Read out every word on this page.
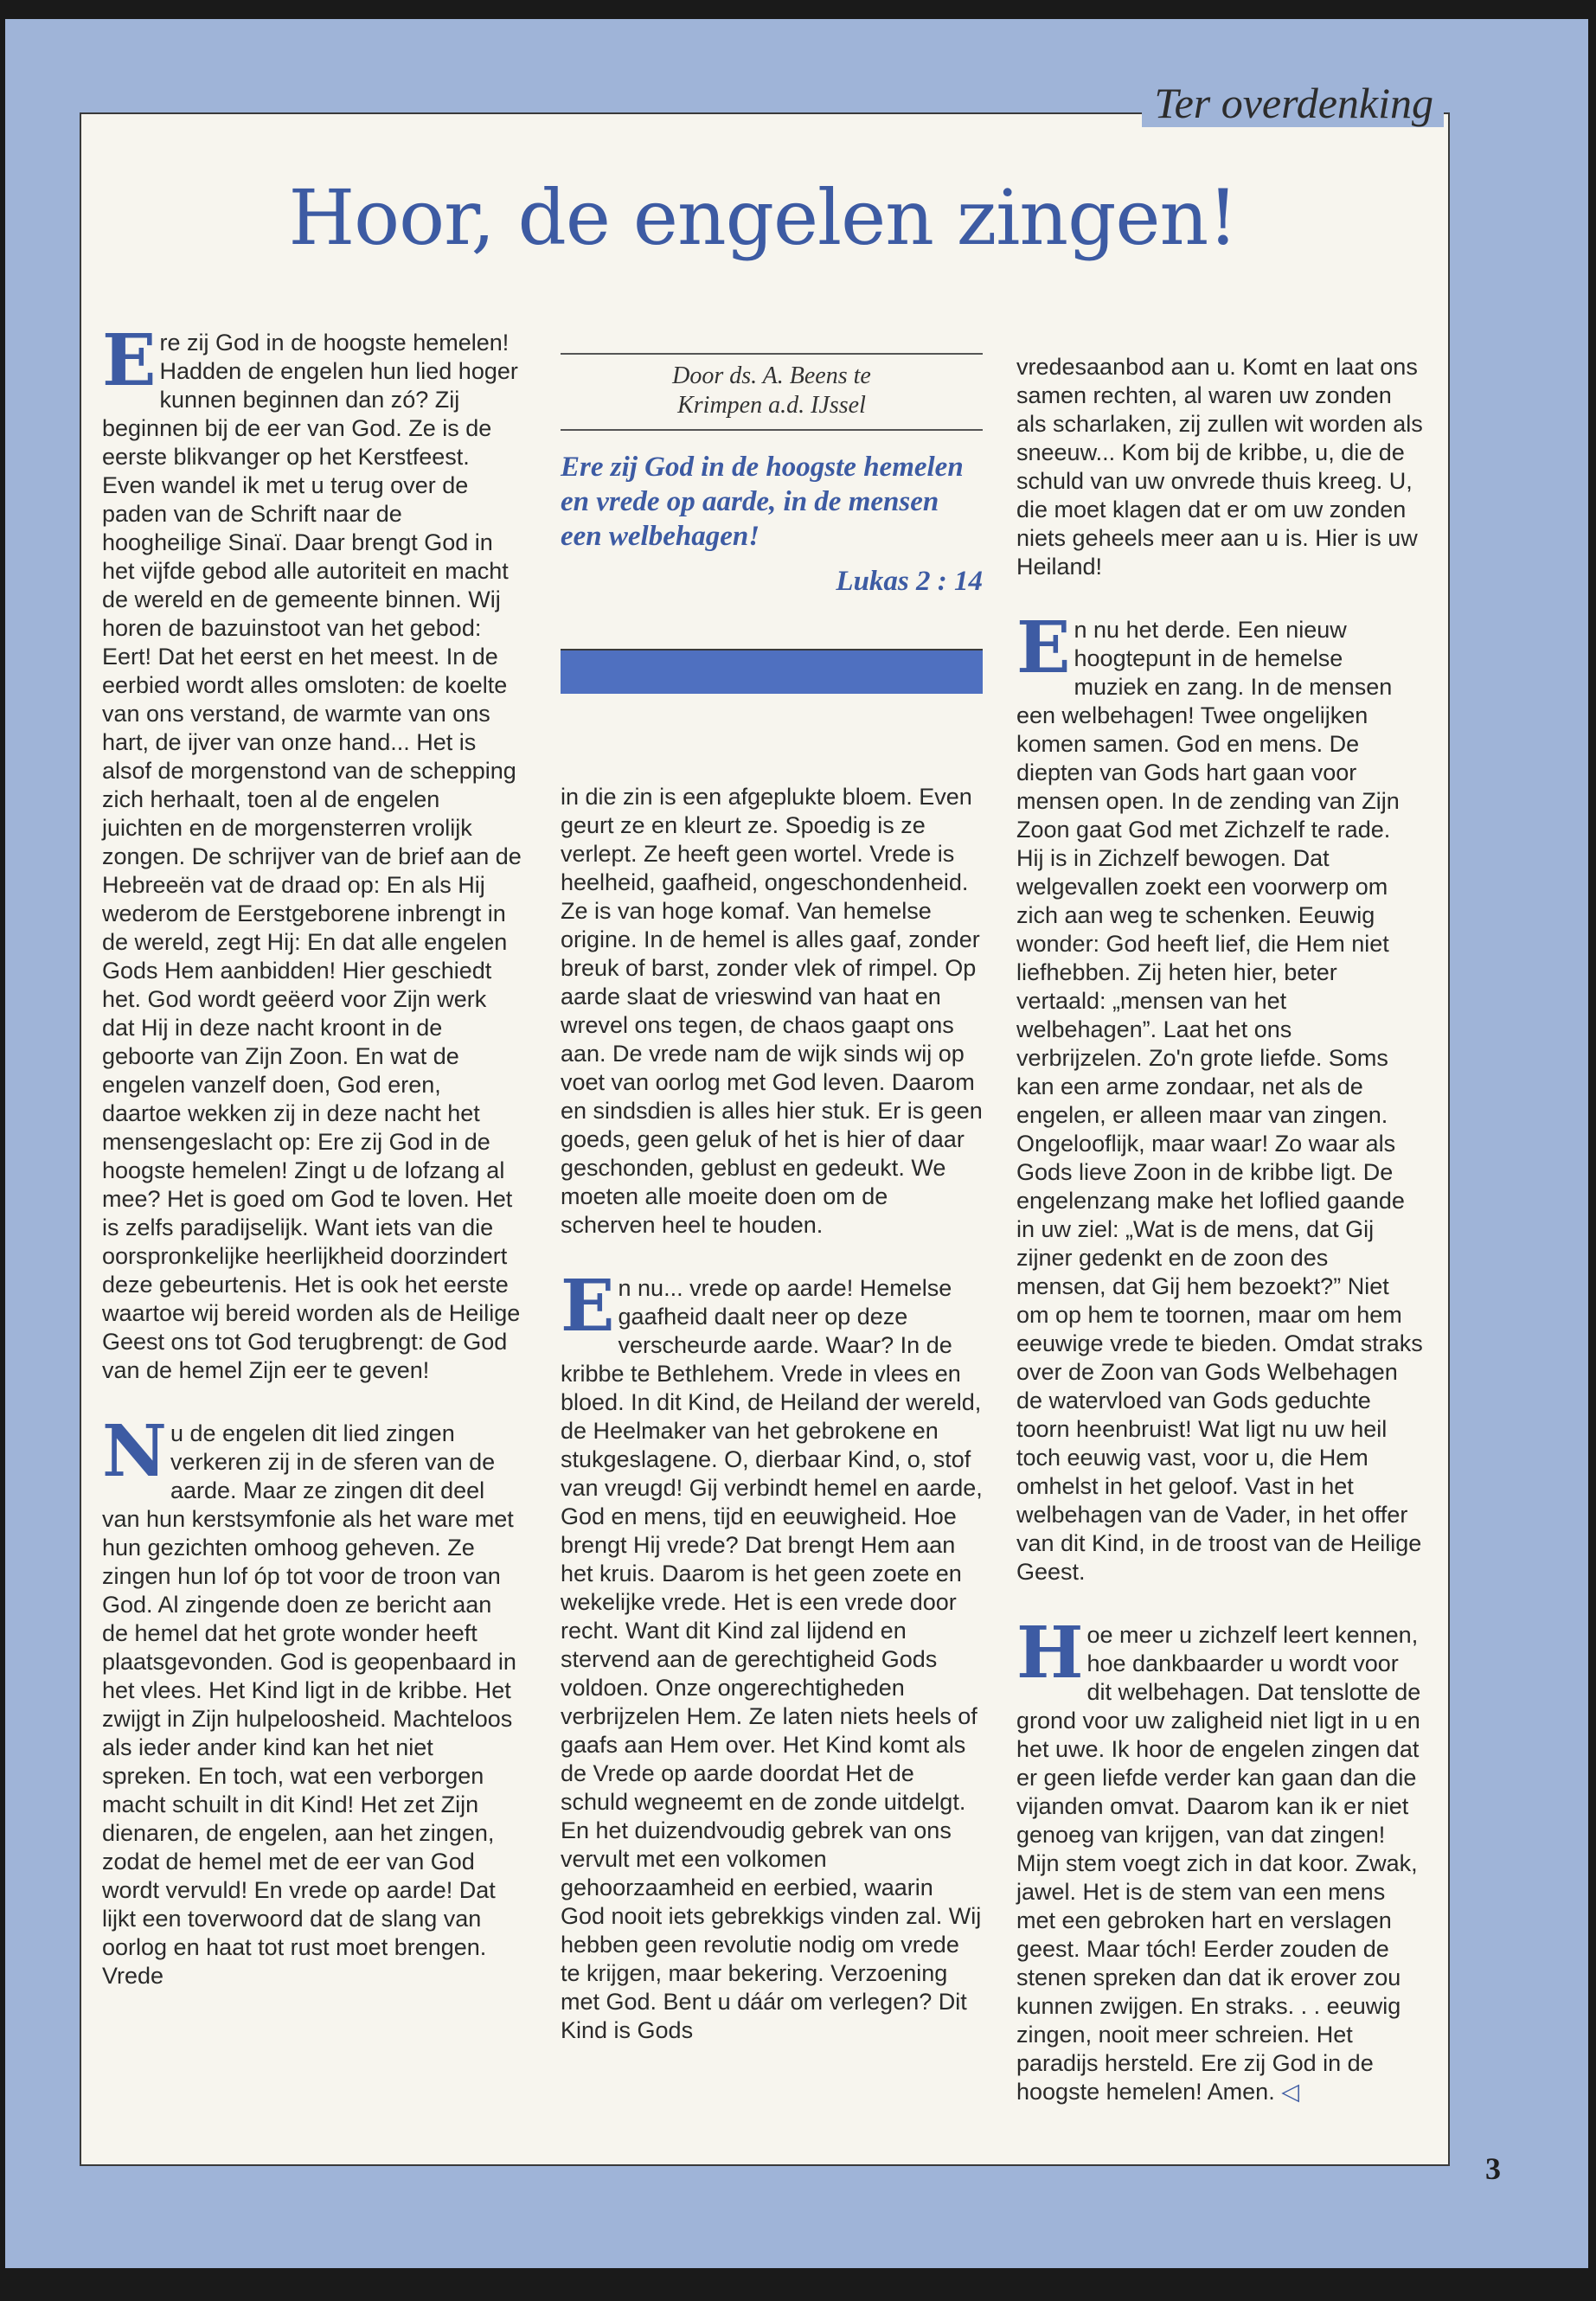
Ter overdenking
Hoor, de engelen zingen!

Ere zij God in de hoogste hemelen! Hadden de engelen hun lied hoger kunnen beginnen dan zó? Zij beginnen bij de eer van God. Ze is de eerste blikvanger op het Kerstfeest. Even wandel ik met u terug over de paden van de Schrift naar de hoogheilige Sinaï. Daar brengt God in het vijfde gebod alle autoriteit en macht de wereld en de gemeente binnen. Wij horen de bazuinstoot van het gebod: Eert! Dat het eerst en het meest. In de eerbied wordt alles omsloten: de koelte van ons verstand, de warmte van ons hart, de ijver van onze hand... Het is alsof de morgenstond van de schepping zich herhaalt, toen al de engelen juichten en de morgensterren vrolijk zongen. De schrijver van de brief aan de Hebreeën vat de draad op: En als Hij wederom de Eerstgeborene inbrengt in de wereld, zegt Hij: En dat alle engelen Gods Hem aanbidden! Hier geschiedt het. God wordt geëerd voor Zijn werk dat Hij in deze nacht kroont in de geboorte van Zijn Zoon. En wat de engelen vanzelf doen, God eren, daartoe wekken zij in deze nacht het mensengeslacht op: Ere zij God in de hoogste hemelen! Zingt u de lofzang al mee? Het is goed om God te loven. Het is zelfs paradijselijk. Want iets van die oorspronkelijke heerlijkheid doorzindert deze gebeurtenis. Het is ook het eerste waartoe wij bereid worden als de Heilige Geest ons tot God terugbrengt: de God van de hemel Zijn eer te geven!

Nu de engelen dit lied zingen verkeren zij in de sferen van de aarde. Maar ze zingen dit deel van hun kerstsymfonie als het ware met hun gezichten omhoog geheven. Ze zingen hun lof óp tot voor de troon van God. Al zingende doen ze bericht aan de hemel dat het grote wonder heeft plaatsgevonden. God is geopenbaard in het vlees. Het Kind ligt in de kribbe. Het zwijgt in Zijn hulpeloosheid. Machteloos als ieder ander kind kan het niet spreken. En toch, wat een verborgen macht schuilt in dit Kind! Het zet Zijn dienaren, de engelen, aan het zingen, zodat de hemel met de eer van God wordt vervuld! En vrede op aarde! Dat lijkt een toverwoord dat de slang van oorlog en haat tot rust moet brengen. Vrede

Door ds. A. Beens te
Krimpen a.d. IJssel
Ere zij God in de hoogste hemelen en vrede op aarde, in de mensen een welbehagen!
Lukas 2 : 14

in die zin is een afgeplukte bloem. Even geurt ze en kleurt ze. Spoedig is ze verlept. Ze heeft geen wortel. Vrede is heelheid, gaafheid, ongeschondenheid. Ze is van hoge komaf. Van hemelse origine. In de hemel is alles gaaf, zonder breuk of barst, zonder vlek of rimpel. Op aarde slaat de vrieswind van haat en wrevel ons tegen, de chaos gaapt ons aan. De vrede nam de wijk sinds wij op voet van oorlog met God leven. Daarom en sindsdien is alles hier stuk. Er is geen goeds, geen geluk of het is hier of daar geschonden, geblust en gedeukt. We moeten alle moeite doen om de scherven heel te houden.

En nu... vrede op aarde! Hemelse gaafheid daalt neer op deze verscheurde aarde. Waar? In de kribbe te Bethlehem. Vrede in vlees en bloed. In dit Kind, de Heiland der wereld, de Heelmaker van het gebrokene en stukgeslagene. O, dierbaar Kind, o, stof van vreugd! Gij verbindt hemel en aarde, God en mens, tijd en eeuwigheid. Hoe brengt Hij vrede? Dat brengt Hem aan het kruis. Daarom is het geen zoete en wekelijke vrede. Het is een vrede door recht. Want dit Kind zal lijdend en stervend aan de gerechtigheid Gods voldoen. Onze ongerechtigheden verbrijzelen Hem. Ze laten niets heels of gaafs aan Hem over. Het Kind komt als de Vrede op aarde doordat Het de schuld wegneemt en de zonde uitdelgt. En het duizendvoudig gebrek van ons vervult met een volkomen gehoorzaamheid en eerbied, waarin God nooit iets gebrekkigs vinden zal. Wij hebben geen revolutie nodig om vrede te krijgen, maar bekering. Verzoening met God. Bent u dáár om verlegen? Dit Kind is Gods

vredesaanbod aan u. Komt en laat ons samen rechten, al waren uw zonden als scharlaken, zij zullen wit worden als sneeuw... Kom bij de kribbe, u, die de schuld van uw onvrede thuis kreeg. U, die moet klagen dat er om uw zonden niets geheels meer aan u is. Hier is uw Heiland!

En nu het derde. Een nieuw hoogtepunt in de hemelse muziek en zang. In de mensen een welbehagen! Twee ongelijken komen samen. God en mens. De diepten van Gods hart gaan voor mensen open. In de zending van Zijn Zoon gaat God met Zichzelf te rade. Hij is in Zichzelf bewogen. Dat welgevallen zoekt een voorwerp om zich aan weg te schenken. Eeuwig wonder: God heeft lief, die Hem niet liefhebben. Zij heten hier, beter vertaald: „mensen van het welbehagen”. Laat het ons verbrijzelen. Zo'n grote liefde. Soms kan een arme zondaar, net als de engelen, er alleen maar van zingen. Ongelooflijk, maar waar! Zo waar als Gods lieve Zoon in de kribbe ligt. De engelenzang make het loflied gaande in uw ziel: „Wat is de mens, dat Gij zijner gedenkt en de zoon des mensen, dat Gij hem bezoekt?” Niet om op hem te toornen, maar om hem eeuwige vrede te bieden. Omdat straks over de Zoon van Gods Welbehagen de watervloed van Gods geduchte toorn heenbruist! Wat ligt nu uw heil toch eeuwig vast, voor u, die Hem omhelst in het geloof. Vast in het welbehagen van de Vader, in het offer van dit Kind, in de troost van de Heilige Geest.

Hoe meer u zichzelf leert kennen, hoe dankbaarder u wordt voor dit welbehagen. Dat tenslotte de grond voor uw zaligheid niet ligt in u en het uwe. Ik hoor de engelen zingen dat er geen liefde verder kan gaan dan die vijanden omvat. Daarom kan ik er niet genoeg van krijgen, van dat zingen! Mijn stem voegt zich in dat koor. Zwak, jawel. Het is de stem van een mens met een gebroken hart en verslagen geest. Maar tóch! Eerder zouden de stenen spreken dan dat ik erover zou kunnen zwijgen. En straks. . . eeuwig zingen, nooit meer schreien. Het paradijs hersteld. Ere zij God in de hoogste hemelen! Amen. ◁

3
